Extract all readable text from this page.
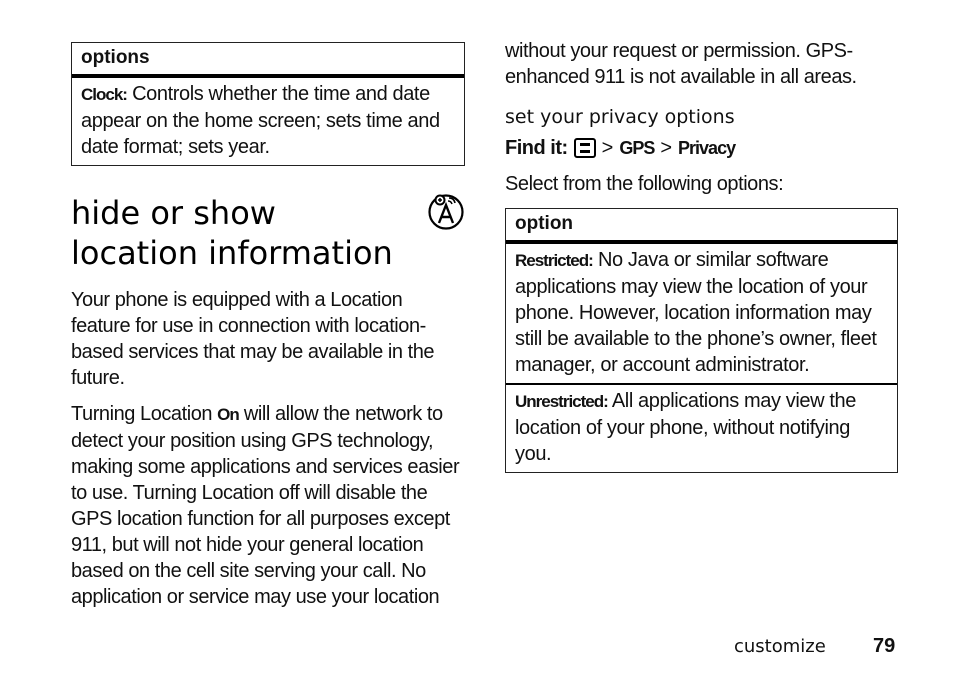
options
Clock: Controls whether the time and date appear on the home screen; sets time and date format; sets year.
hide or show
location information

Your phone is equipped with a Location feature for use in connection with location-based services that may be available in the future.

Turning Location On will allow the network to detect your position using GPS technology, making some applications and services easier to use. Turning Location off will disable the GPS location function for all purposes except 911, but will not hide your general location based on the cell site serving your call. No application or service may use your location

without your request or permission. GPS-enhanced 911 is not available in all areas.

set your privacy options
Find it: > GPS > Privacy

Select from the following options:

option
Restricted: No Java or similar software applications may view the location of your phone. However, location information may still be available to the phone’s owner, fleet manager, or account administrator.
Unrestricted: All applications may view the location of your phone, without notifying you.
customize 79
